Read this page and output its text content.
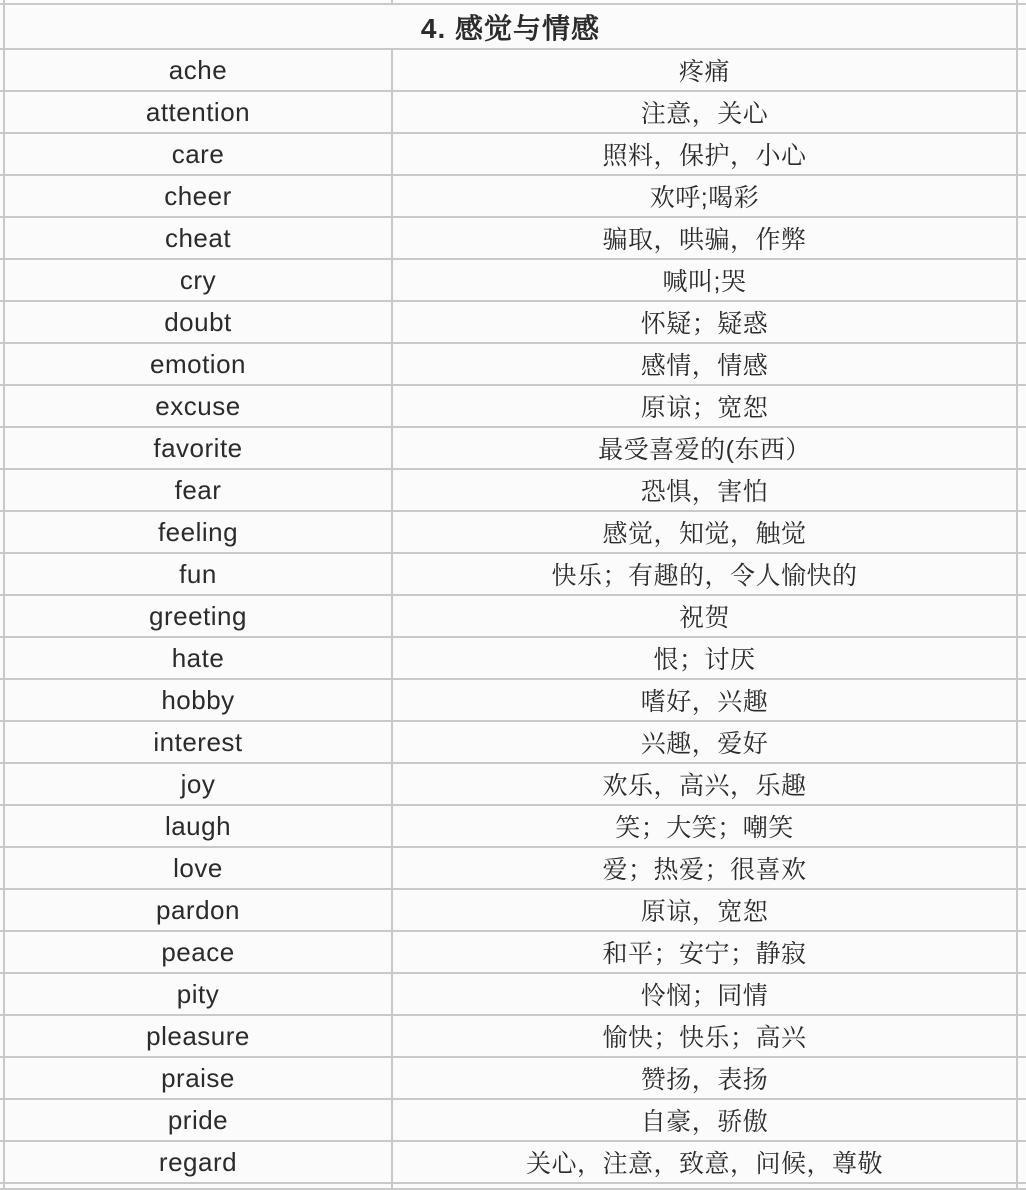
4. 感觉与情感
ache	疼痛
attention	注意，关心
care	照料，保护，小心
cheer	欢呼;喝彩
cheat	骗取，哄骗，作弊
cry	喊叫;哭
doubt	怀疑；疑惑
emotion	感情，情感
excuse	原谅；宽恕
favorite	最受喜爱的(东西）
fear	恐惧，害怕
feeling	感觉，知觉，触觉
fun	快乐；有趣的，令人愉快的
greeting	祝贺
hate	恨；讨厌
hobby	嗜好，兴趣
interest	兴趣，爱好
joy	欢乐，高兴，乐趣
laugh	笑；大笑；嘲笑
love	爱；热爱；很喜欢
pardon	原谅，宽恕
peace	和平；安宁；静寂
pity	怜悯；同情
pleasure	愉快；快乐；高兴
praise	赞扬，表扬
pride	自豪，骄傲
regard	关心，注意，致意，问候，尊敬
